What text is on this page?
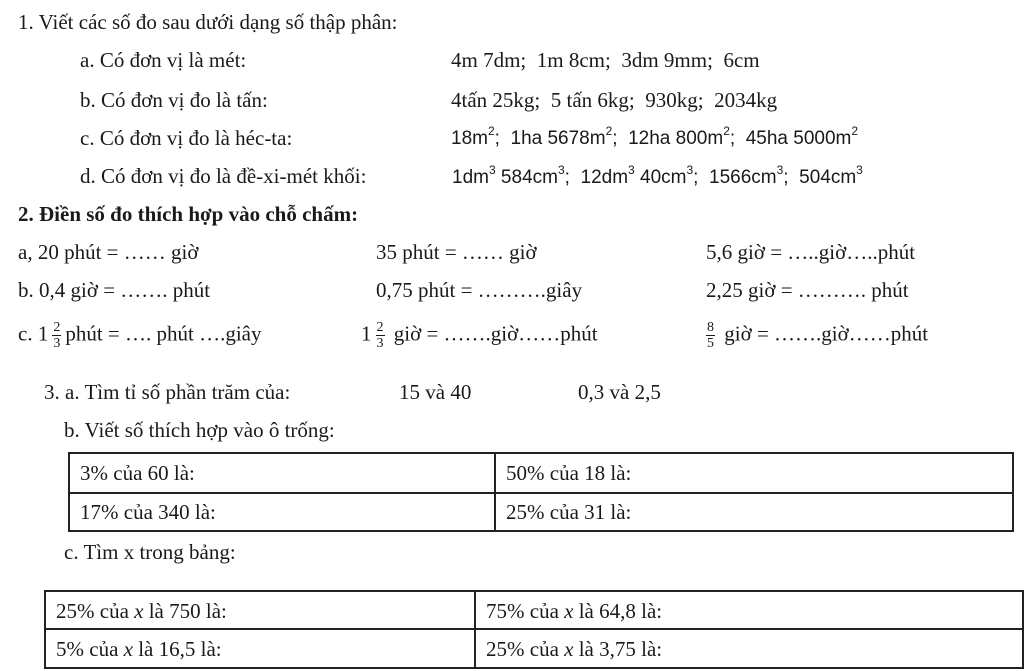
1. Viết các số đo sau dưới dạng số thập phân:
a. Có đơn vị là mét:	4m 7dm; 1m 8cm; 3dm 9mm; 6cm
b. Có đơn vị đo là tấn:	4tấn 25kg; 5 tấn 6kg; 930kg; 2034kg
c. Có đơn vị đo là héc-ta:	$18m^2$; 1ha $5678m^2$; 12ha $800m^2$; 45ha $5000m^2$
d. Có đơn vị đo là đề-xi-mét khối:	$1dm^3$ $584cm^3$; $12dm^3$ $40cm^3$; $1566cm^3$; $504cm^3$
2. Điền số đo thích hợp vào chỗ chấm:
a, 20 phút = …… giờ	35 phút = …… giờ	5,6 giờ = …..giờ…..phút
b. 0,4 giờ = ……. phút	0,75 phút = ……….giây	2,25 giờ = ………. phút
c. $1 \frac{2}{3}$ phút = …. phút ….giây	$1 \frac{2}{3}$ giờ = …….giờ……phút	$\frac{8}{5}$ giờ = …….giờ……phút
3. a. Tìm tỉ số phần trăm của:	15 và 40	0,3 và 2,5
b. Viết số thích hợp vào ô trống:
3% của 60 là:	50% của 18 là:
17% của 340 là:	25% của 31 là:
c. Tìm x trong bảng:
25% của x là 750 là:	75% của x là 64,8 là:
5% của x là 16,5 là:	25% của x là 3,75 là:
